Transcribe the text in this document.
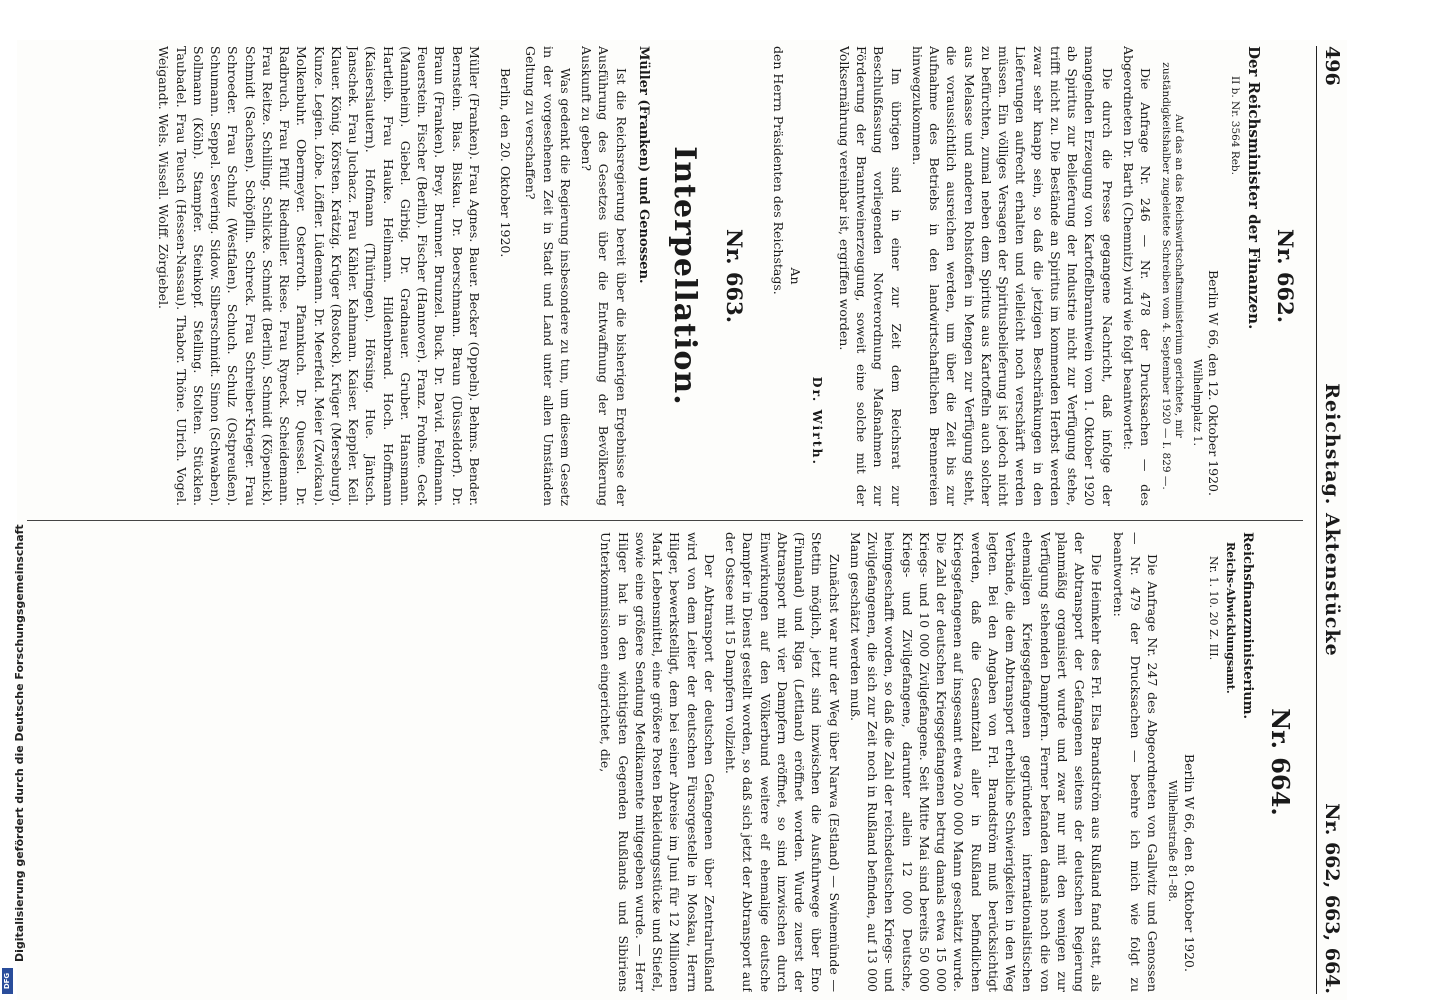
496
Reichstag. Aktenstücke
Nr. 662, 663, 664.
Nr. 662.
Der Reichsminister der Finanzen.
II b. Nr. 3564 Reb.
Berlin W 66, den 12. Oktober 1920.
Wilhelmplatz 1.
Auf das an das Reichswirtschaftsministerium gerichtete, mir zuständigkeitshalber zugeleitete Schreiben vom 4. September 1920 — I. 829 —.

Die Anfrage Nr. 246 — Nr. 478 der Drucksachen — des Abgeordneten Dr. Barth (Chemnitz) wird wie folgt beantwortet:

Die durch die Presse gegangene Nachricht, daß infolge der mangelnden Erzeugung von Kartoffelbranntwein vom 1. Oktober 1920 ab Spiritus zur Belieferung der Industrie nicht zur Verfügung stehe, trifft nicht zu. Die Bestände an Spiritus im kommenden Herbst werden zwar sehr knapp sein, so daß die jetzigen Beschränkungen in den Lieferungen aufrecht erhalten und vielleicht noch verschärft werden müssen. Ein völliges Versagen der Spiritusbelieferung ist jedoch nicht zu befürchten, zumal neben dem Spiritus aus Kartoffeln auch solcher aus Melasse und anderen Rohstoffen in Mengen zur Verfügung steht, die voraussichtlich ausreichen werden, um über die Zeit bis zur Aufnahme des Betriebs in den landwirtschaftlichen Brennereien hinwegzukommen.

Im übrigen sind in einer zur Zeit dem Reichsrat zur Beschlußfassung vorliegenden Notverordnung Maßnahmen zur Förderung der Branntweinerzeugung, soweit eine solche mit der Volksernährung vereinbar ist, ergriffen worden.

Dr. Wirth.
An
den Herrn Präsidenten des Reichstags.
Nr. 663.
Interpellation.
Müller (Franken) und Genossen.

Ist die Reichsregierung bereit über die bisherigen Ergebnisse der Ausführung des Gesetzes über die Entwaffnung der Bevölkerung Auskunft zu geben?

Was gedenkt die Regierung insbesondere zu tun, um diesem Gesetz in der vorgesehenen Zeit in Stadt und Land unter allen Umständen Geltung zu verschaffen?

Berlin, den 20. Oktober 1920.

Müller (Franken). Frau Agnes. Bauer. Becker (Oppeln). Behms. Bender. Bernstein. Bias. Biskau. Dr. Boerschmann. Braun (Düsseldorf). Dr. Braun (Franken). Brey. Brunner. Brunzel. Buck. Dr. David. Feldmann. Feuerstein. Fischer (Berlin). Fischer (Hannover). Franz. Frohme. Geck (Mannheim). Giebel. Girbig. Dr. Gradnauer. Gruber. Hansmann. Hartleib. Frau Hauke. Heilmann. Hildenbrand. Hoch. Hoffmann (Kaiserslautern). Hofmann (Thüringen). Hörsing. Hue. Jäntsch. Janschek. Frau Juchacz. Frau Kähler. Kahmann. Kaiser. Keppler. Keil. Klauer. König. Körsten. Krätzig. Krüger (Rostock). Krüger (Merseburg). Kunze. Legien. Löbe. Löffler. Lüdemann. Dr. Meerfeld. Meier (Zwickau). Molkenbuhr. Obermeyer. Osterroth. Pfannkuch. Dr. Quessel. Dr. Radbruch. Frau Pfülf. Riedmiller. Riese. Frau Ryneck. Scheidemann. Frau Reitze. Schilling. Schlicke. Schmidt (Berlin). Schmidt (Köpenick). Schmidt (Sachsen). Schöpflin. Schreck. Frau Schreiber-Krieger. Frau Schroeder. Frau Schulz (Westfalen). Schuch. Schulz (Ostpreußen). Schumann. Seppel. Severing. Sidow. Silberschmidt. Simon (Schwaben). Sollmann (Köln). Stampfer. Steinkopf. Stelling. Stolten. Stücklen. Taubadel. Frau Teusch (Hessen-Nassau). Thabor. Thöne. Ulrich. Vogel. Weigandt. Wels. Wissell. Wolff. Zörgiebel.
Nr. 664.
Reichsfinanzministerium.
Reichs-Abwicklungsamt.
Nr. 1. 10. 20 Z. III.
Berlin W 66, den 8. Oktober 1920.
Wilhelmstraße 81–88.

Die Anfrage Nr. 247 des Abgeordneten von Gallwitz und Genossen — Nr. 479 der Drucksachen — beehre ich mich wie folgt zu beantworten:

Die Heimkehr des Frl. Elsa Brandström aus Rußland fand statt, als der Abtransport der Gefangenen seitens der deutschen Regierung planmäßig organisiert wurde und zwar nur mit den wenigen zur Verfügung stehenden Dampfern. Ferner befanden damals noch die von ehemaligen Kriegsgefangenen gegründeten internationalistischen Verbände, die dem Abtransport erhebliche Schwierigkeiten in den Weg legten. Bei den Angaben von Frl. Brandström muß berücksichtigt werden, daß die Gesamtzahl aller in Rußland befindlichen Kriegsgefangenen auf insgesamt etwa 200 000 Mann geschätzt wurde. Die Zahl der deutschen Kriegsgefangenen betrug damals etwa 15 000 Kriegs- und 10 000 Zivilgefangene. Seit Mitte Mai sind bereits 50 000 Kriegs- und Zivilgefangene, darunter allein 12 000 Deutsche, heimgeschafft worden, so daß die Zahl der reichsdeutschen Kriegs- und Zivilgefangenen, die sich zur Zeit noch in Rußland befinden, auf 13 000 Mann geschätzt werden muß.

Zunächst war nur der Weg über Narwa (Estland) — Swinemünde — Stettin möglich, jetzt sind inzwischen die Ausfuhrwege über Eno (Finnland) und Riga (Lettland) eröffnet worden. Wurde zuerst der Abtransport mit vier Dampfern eröffnet, so sind inzwischen durch Einwirkungen auf den Völkerbund weitere elf ehemalige deutsche Dampfer in Dienst gestellt worden, so daß sich jetzt der Abtransport auf der Ostsee mit 15 Dampfern vollzieht.

Der Abtransport der deutschen Gefangenen über Zentralrußland wird von dem Leiter der deutschen Fürsorgestelle in Moskau, Herrn Hilger, bewerkstelligt, dem bei seiner Abreise im Juni für 12 Millionen Mark Lebensmittel, eine größere Posten Bekleidungsstücke und Stiefel, sowie eine größere Sendung Medikamente mitgegeben wurde. — Herr Hilger hat in den wichtigsten Gegenden Rußlands und Sibiriens Unterkommissionen eingerichtet, die,

Digitalisierung gefördert durch die Deutsche Forschungsgemeinschaft
DFG
